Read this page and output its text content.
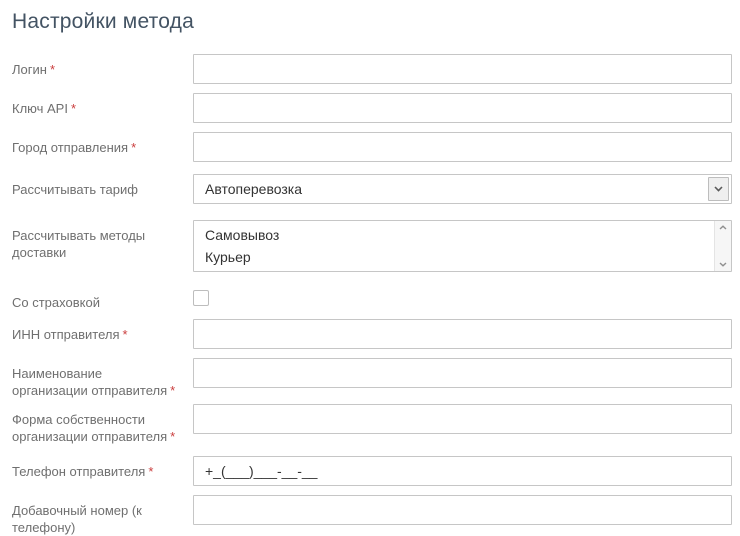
Настройки метода
Логин *
Ключ API *
Город отправления *
Рассчитывать тариф	Автоперевозка
Рассчитывать методы доставки
Самовывоз
Курьер
Со страховкой
ИНН отправителя *
Наименование организации отправителя *
Форма собственности организации отправителя *
Телефон отправителя *
+_(___)___-__-__
Добавочный номер (к телефону)
